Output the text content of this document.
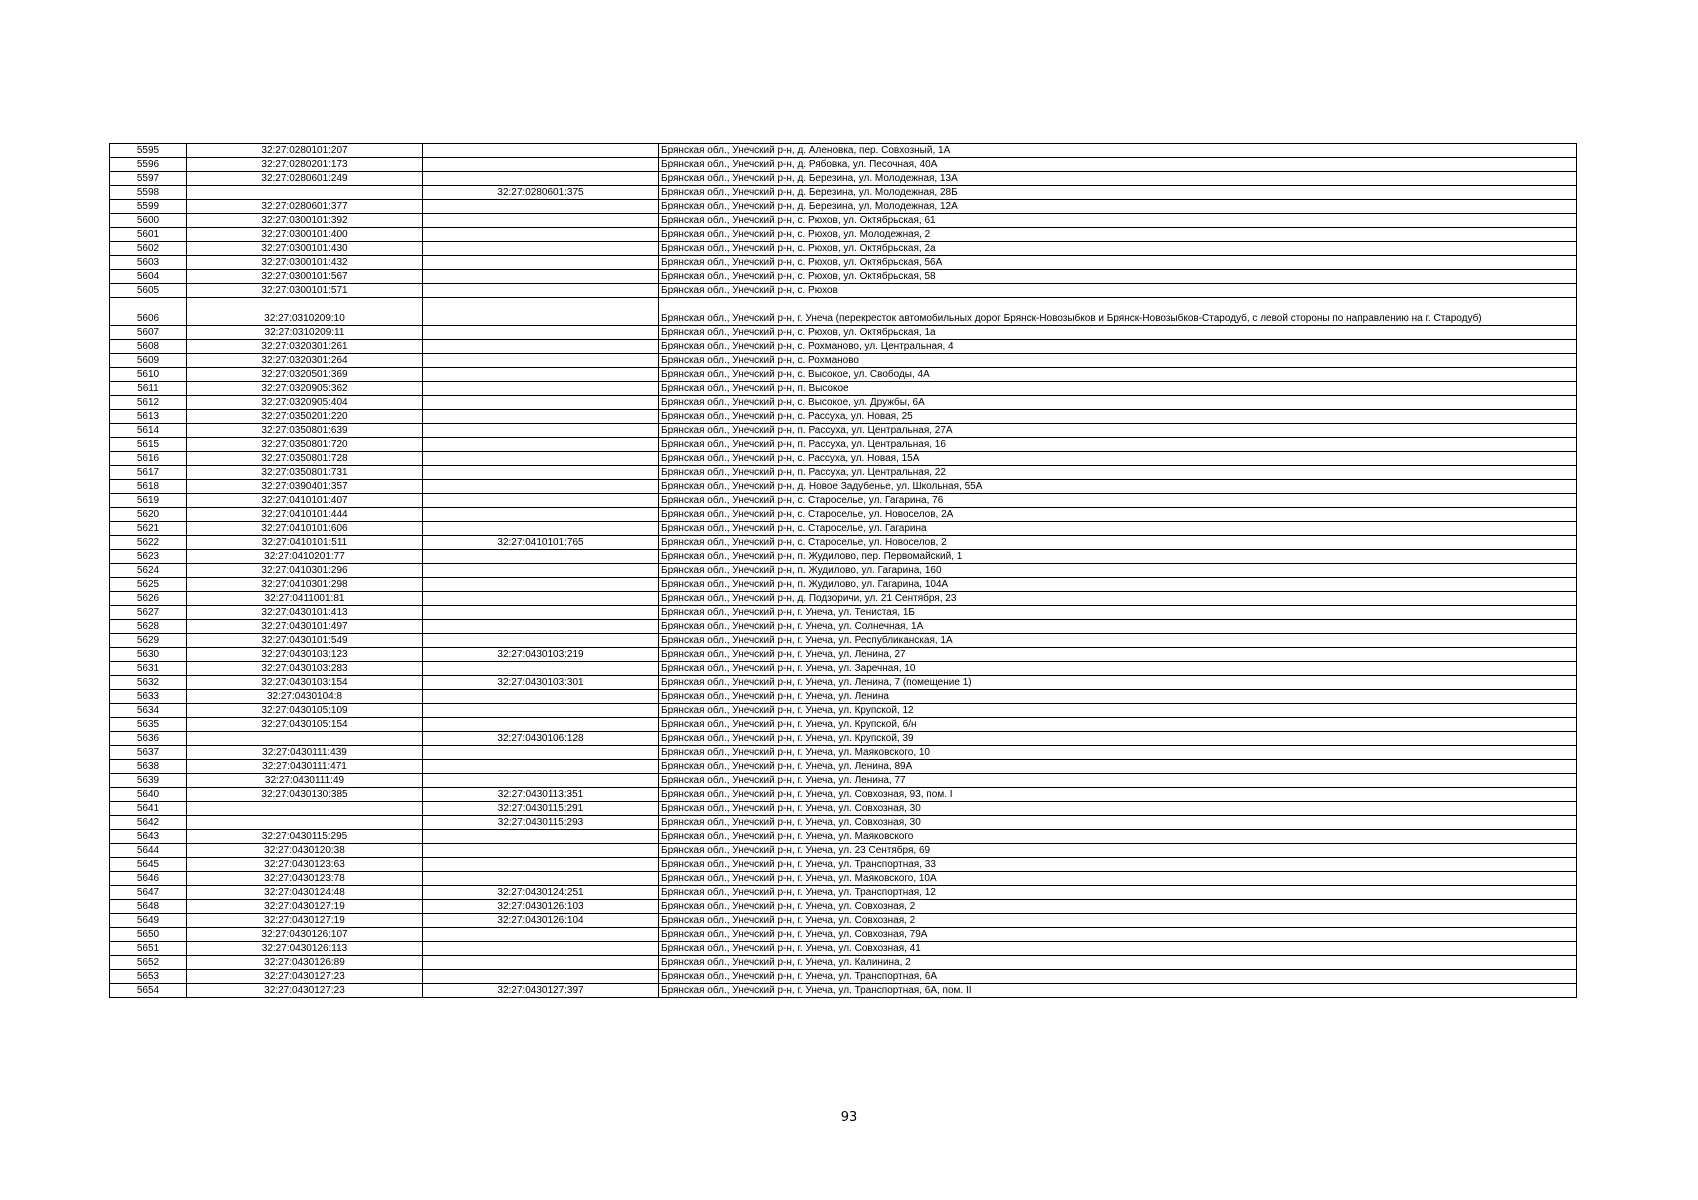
5595	32:27:0280101:207		Брянская обл., Унечский р-н, д. Аленовка, пер. Совхозный, 1А
5596	32:27:0280201:173		Брянская обл., Унечский р-н, д. Рябовка, ул. Песочная, 40А
5597	32:27:0280601:249		Брянская обл., Унечский р-н, д. Березина, ул. Молодежная, 13А
5598		32:27:0280601:375	Брянская обл., Унечский р-н, д. Березина, ул. Молодежная, 28Б
5599	32:27:0280601:377		Брянская обл., Унечский р-н, д. Березина, ул. Молодежная, 12А
5600	32:27:0300101:392		Брянская обл., Унечский р-н, с. Рюхов, ул. Октябрьская, 61
5601	32:27:0300101:400		Брянская обл., Унечский р-н, с. Рюхов, ул. Молодежная, 2
5602	32:27:0300101:430		Брянская обл., Унечский р-н, с. Рюхов, ул. Октябрьская, 2а
5603	32:27:0300101:432		Брянская обл., Унечский р-н, с. Рюхов, ул. Октябрьская, 56А
5604	32:27:0300101:567		Брянская обл., Унечский р-н, с. Рюхов, ул. Октябрьская, 58
5605	32:27:0300101:571		Брянская обл., Унечский р-н, с. Рюхов
5606	32:27:0310209:10		Брянская обл., Унечский р-н, г. Унеча (перекресток автомобильных дорог Брянск-Новозыбков и Брянск-Новозыбков-Стародуб, с левой стороны по направлению на г. Стародуб)
5607	32:27:0310209:11		Брянская обл., Унечский р-н, с. Рюхов, ул. Октябрьская, 1а
5608	32:27:0320301:261		Брянская обл., Унечский р-н, с. Рохманово, ул. Центральная, 4
5609	32:27:0320301:264		Брянская обл., Унечский р-н, с. Рохманово
5610	32:27:0320501:369		Брянская обл., Унечский р-н, с. Высокое, ул. Свободы, 4А
5611	32:27:0320905:362		Брянская обл., Унечский р-н, п. Высокое
5612	32:27:0320905:404		Брянская обл., Унечский р-н, с. Высокое, ул. Дружбы, 6А
5613	32:27:0350201:220		Брянская обл., Унечский р-н, с. Рассуха, ул. Новая, 25
5614	32:27:0350801:639		Брянская обл., Унечский р-н, п. Рассуха, ул. Центральная, 27А
5615	32:27:0350801:720		Брянская обл., Унечский р-н, п. Рассуха, ул. Центральная, 16
5616	32:27:0350801:728		Брянская обл., Унечский р-н, с. Рассуха, ул. Новая, 15А
5617	32:27:0350801:731		Брянская обл., Унечский р-н, п. Рассуха, ул. Центральная, 22
5618	32:27:0390401:357		Брянская обл., Унечский р-н, д. Новое Задубенье, ул. Школьная, 55А
5619	32:27:0410101:407		Брянская обл., Унечский р-н, с. Староселье, ул. Гагарина, 76
5620	32:27:0410101:444		Брянская обл., Унечский р-н, с. Староселье, ул. Новоселов, 2А
5621	32:27:0410101:606		Брянская обл., Унечский р-н, с. Староселье, ул. Гагарина
5622	32:27:0410101:511	32:27:0410101:765	Брянская обл., Унечский р-н, с. Староселье, ул. Новоселов, 2
5623	32:27:0410201:77		Брянская обл., Унечский р-н, п. Жудилово, пер. Первомайский, 1
5624	32:27:0410301:296		Брянская обл., Унечский р-н, п. Жудилово, ул. Гагарина, 160
5625	32:27:0410301:298		Брянская обл., Унечский р-н, п. Жудилово, ул. Гагарина, 104А
5626	32:27:0411001:81		Брянская обл., Унечский р-н, д. Подзоричи, ул. 21 Сентября, 23
5627	32:27:0430101:413		Брянская обл., Унечский р-н, г. Унеча, ул. Тенистая, 1Б
5628	32:27:0430101:497		Брянская обл., Унечский р-н, г. Унеча, ул. Солнечная, 1А
5629	32:27:0430101:549		Брянская обл., Унечский р-н, г. Унеча, ул. Республиканская, 1А
5630	32:27:0430103:123	32:27:0430103:219	Брянская обл., Унечский р-н, г. Унеча, ул. Ленина, 27
5631	32:27:0430103:283		Брянская обл., Унечский р-н, г. Унеча, ул. Заречная, 10
5632	32:27:0430103:154	32:27:0430103:301	Брянская обл., Унечский р-н, г. Унеча, ул. Ленина, 7 (помещение 1)
5633	32:27:0430104:8		Брянская обл., Унечский р-н, г. Унеча, ул. Ленина
5634	32:27:0430105:109		Брянская обл., Унечский р-н, г. Унеча, ул. Крупской, 12
5635	32:27:0430105:154		Брянская обл., Унечский р-н, г. Унеча, ул. Крупской, б/н
5636		32:27:0430106:128	Брянская обл., Унечский р-н, г. Унеча, ул. Крупской, 39
5637	32:27:0430111:439		Брянская обл., Унечский р-н, г. Унеча, ул. Маяковского, 10
5638	32:27:0430111:471		Брянская обл., Унечский р-н, г. Унеча, ул. Ленина, 89А
5639	32:27:0430111:49		Брянская обл., Унечский р-н, г. Унеча, ул. Ленина, 77
5640	32:27:0430130:385	32:27:0430113:351	Брянская обл., Унечский р-н, г. Унеча, ул. Совхозная, 93, пом. I
5641		32:27:0430115:291	Брянская обл., Унечский р-н, г. Унеча, ул. Совхозная, 30
5642		32:27:0430115:293	Брянская обл., Унечский р-н, г. Унеча, ул. Совхозная, 30
5643	32:27:0430115:295		Брянская обл., Унечский р-н, г. Унеча, ул. Маяковского
5644	32:27:0430120:38		Брянская обл., Унечский р-н, г. Унеча, ул. 23 Сентября, 69
5645	32:27:0430123:63		Брянская обл., Унечский р-н, г. Унеча, ул. Транспортная, 33
5646	32:27:0430123:78		Брянская обл., Унечский р-н, г. Унеча, ул. Маяковского, 10А
5647	32:27:0430124:48	32:27:0430124:251	Брянская обл., Унечский р-н, г. Унеча, ул. Транспортная, 12
5648	32:27:0430127:19	32:27:0430126:103	Брянская обл., Унечский р-н, г. Унеча, ул. Совхозная, 2
5649	32:27:0430127:19	32:27:0430126:104	Брянская обл., Унечский р-н, г. Унеча, ул. Совхозная, 2
5650	32:27:0430126:107		Брянская обл., Унечский р-н, г. Унеча, ул. Совхозная, 79А
5651	32:27:0430126:113		Брянская обл., Унечский р-н, г. Унеча, ул. Совхозная, 41
5652	32:27:0430126:89		Брянская обл., Унечский р-н, г. Унеча, ул. Калинина, 2
5653	32:27:0430127:23		Брянская обл., Унечский р-н, г. Унеча, ул. Транспортная, 6А
5654	32:27:0430127:23	32:27:0430127:397	Брянская обл., Унечский р-н, г. Унеча, ул. Транспортная, 6А, пом. II
93
